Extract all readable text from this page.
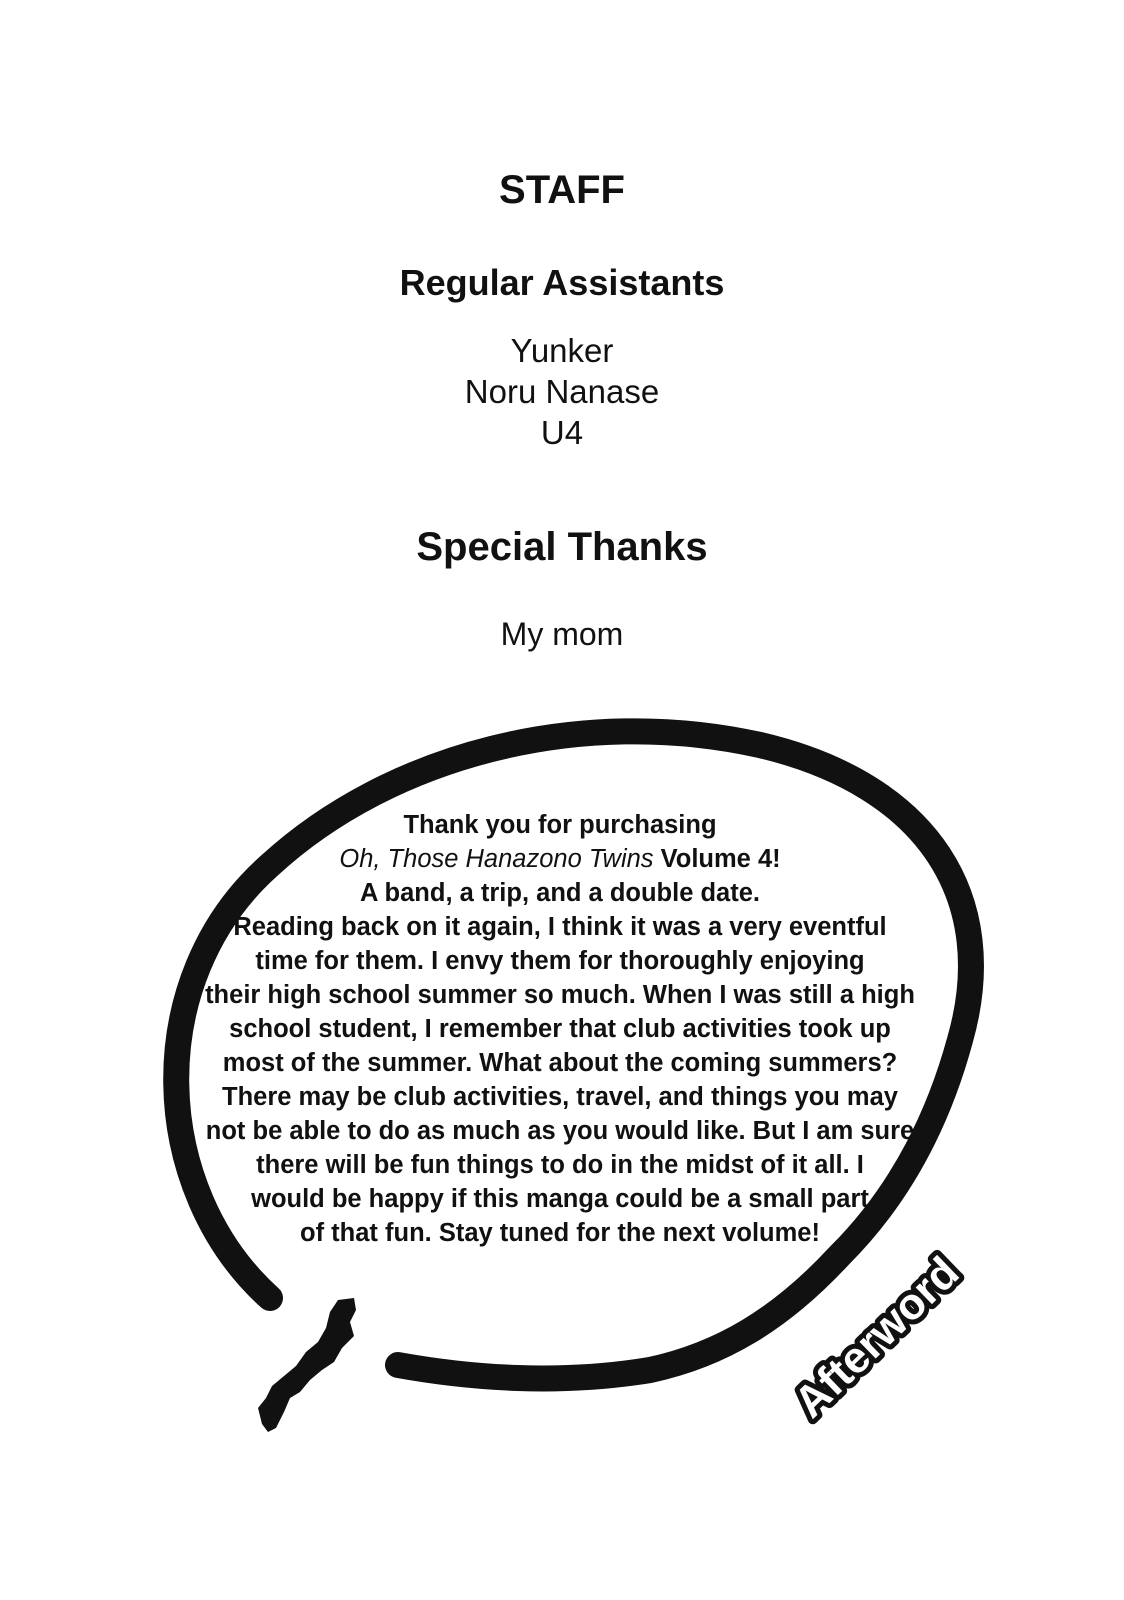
STAFF
Regular Assistants
Yunker
Noru Nanase
U4
Special Thanks
My mom
Afterword
Thank you for purchasing
Oh, Those Hanazono Twins Volume 4!
A band, a trip, and a double date.
Reading back on it again, I think it was a very eventful
time for them. I envy them for thoroughly enjoying
their high school summer so much. When I was still a high
school student, I remember that club activities took up
most of the summer. What about the coming summers?
There may be club activities, travel, and things you may
not be able to do as much as you would like. But I am sure
there will be fun things to do in the midst of it all. I
would be happy if this manga could be a small part
of that fun. Stay tuned for the next volume!
